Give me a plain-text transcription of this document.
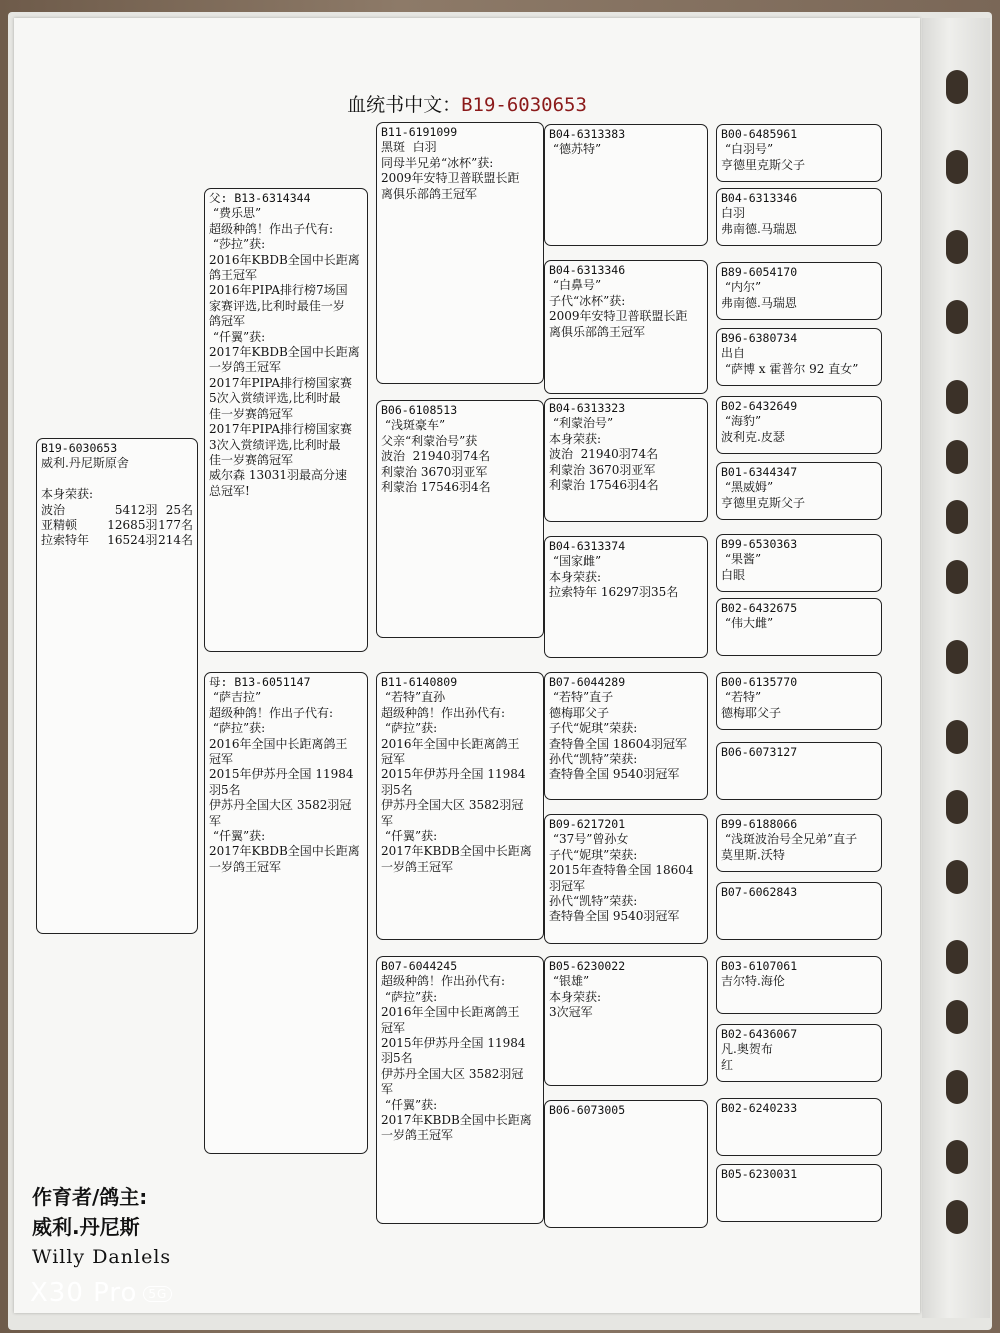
血统书中文：B19-6030653
B19-6030653
威利.丹尼斯原舍

本身荣获:
波治	5412羽 25名
亚精顿	12685羽 177名
拉索特年	16524羽 214名
父: B13-6314344
“费乐思”
超级种鸽！作出子代有:
“莎拉”获:
2016年KBDB全国中长距离
鸽王冠军
2016年PIPA排行榜7场国
家赛评选,比利时最佳一岁
鸽冠军
“仟翼”获:
2017年KBDB全国中长距离
一岁鸽王冠军
2017年PIPA排行榜国家赛
5次入赏绩评选,比利时最
佳一岁赛鸽冠军
2017年PIPA排行榜国家赛
3次入赏绩评选,比利时最
佳一岁赛鸽冠军
威尔森 13031羽最高分速
总冠军!
母: B13-6051147
“萨吉拉”
超级种鸽！作出子代有:
“萨拉”获:
2016年全国中长距离鸽王
冠军
2015年伊苏丹全国 11984
羽5名
伊苏丹全国大区 3582羽冠
军
“仟翼”获:
2017年KBDB全国中长距离
一岁鸽王冠军
B11-6191099
黑斑  白羽
同母半兄弟“冰杯”获:
2009年安特卫普联盟长距
离俱乐部鸽王冠军
B06-6108513
“浅斑豪车”
父亲“利蒙治号”获
波治  21940羽74名
利蒙治 3670羽亚军
利蒙治 17546羽4名
B11-6140809
“若特”直孙
超级种鸽！作出孙代有:
“萨拉”获:
2016年全国中长距离鸽王
冠军
2015年伊苏丹全国 11984
羽5名
伊苏丹全国大区 3582羽冠
军
“仟翼”获:
2017年KBDB全国中长距离
一岁鸽王冠军
B07-6044245
超级种鸽！作出孙代有:
“萨拉”获:
2016年全国中长距离鸽王
冠军
2015年伊苏丹全国 11984
羽5名
伊苏丹全国大区 3582羽冠
军
“仟翼”获:
2017年KBDB全国中长距离
一岁鸽王冠军
B04-6313383
“德苏特”
B04-6313346
“白鼻号”
子代“冰杯”获:
2009年安特卫普联盟长距
离俱乐部鸽王冠军
B04-6313323
“利蒙治号”
本身荣获:
波治  21940羽74名
利蒙治 3670羽亚军
利蒙治 17546羽4名
B04-6313374
“国家雌”
本身荣获:
拉索特年 16297羽35名
B07-6044289
“若特”直子
德梅耶父子
子代“妮琪”荣获:
查特鲁全国 18604羽冠军
孙代“凯特”荣获:
查特鲁全国 9540羽冠军
B09-6217201
“37号”曾孙女
子代“妮琪”荣获:
2015年查特鲁全国 18604
羽冠军
孙代“凯特”荣获:
查特鲁全国 9540羽冠军
B05-6230022
“银雄”
本身荣获:
3次冠军
B06-6073005
B00-6485961
“白羽号”
亨德里克斯父子
B04-6313346
白羽
弗南德.马瑞恩
B89-6054170
“内尔”
弗南德.马瑞恩
B96-6380734
出自
“萨博 x 霍普尔 92 直女”
B02-6432649
“海豹”
波利克.皮瑟
B01-6344347
“黑威姆”
亨德里克斯父子
B99-6530363
“果酱”
白眼
B02-6432675
“伟大雌”
B00-6135770
“若特”
德梅耶父子
B06-6073127
B99-6188066
“浅斑波治号全兄弟”直子
莫里斯.沃特
B07-6062843
B03-6107061
吉尔特.海伦
B02-6436067
凡.奥贺布
红
B02-6240233
B05-6230031
作育者/鸽主:
威利.丹尼斯
Willy Danlels
X30 Pro 5G
